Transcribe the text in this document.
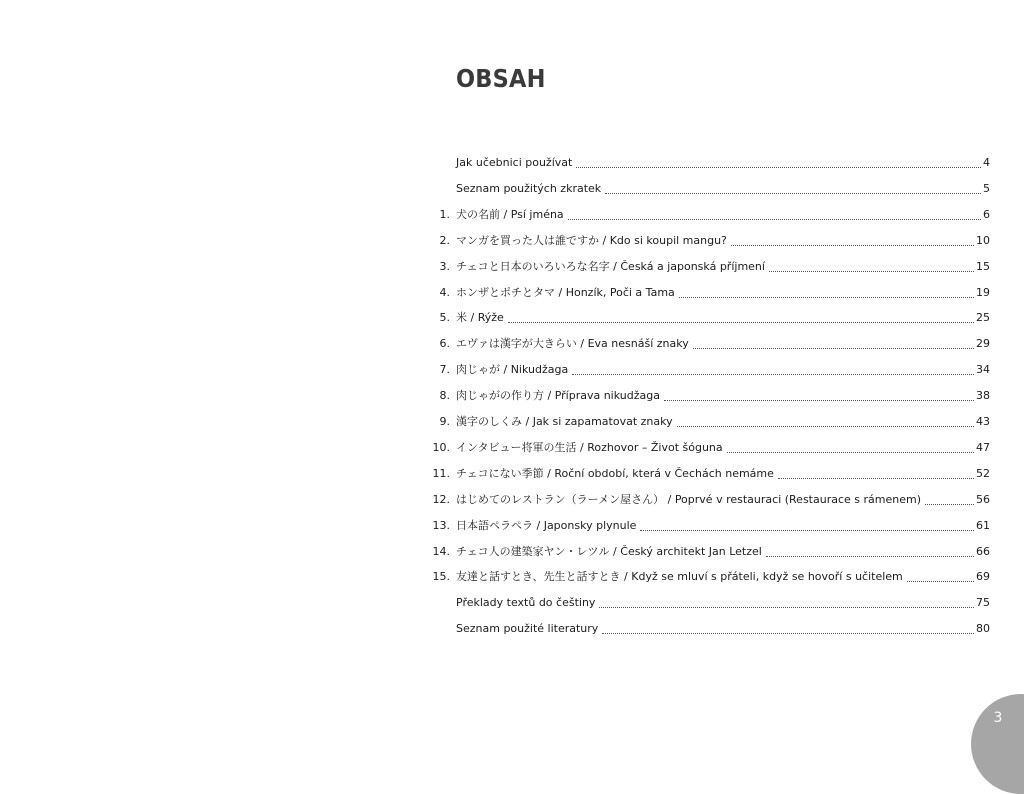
OBSAH
Jak učebnici používat	4
Seznam použitých zkratek	5
1. 犬の名前 / Psí jména	6
2. マンガを買った人は誰ですか / Kdo si koupil mangu?	10
3. チェコと日本のいろいろな名字 / Česká a japonská příjmení	15
4. ホンザとポチとタマ / Honzík, Poči a Tama	19
5. 米 / Rýže	25
6. エヴァは漢字が大きらい / Eva nesnáší znaky	29
7. 肉じゃが / Nikudžaga	34
8. 肉じゃがの作り方 / Příprava nikudžaga	38
9. 漢字のしくみ / Jak si zapamatovat znaky	43
10. インタビュー将軍の生活 / Rozhovor – Život šóguna	47
11. チェコにない季節 / Roční období, která v Čechách nemáme	52
12. はじめてのレストラン（ラーメン屋さん） / Poprvé v restauraci (Restaurace s rámenem)	56
13. 日本語ペラペラ / Japonsky plynule	61
14. チェコ人の建築家ヤン・レツル / Český architekt Jan Letzel	66
15. 友達と話すとき、先生と話すとき / Když se mluví s přáteli, když se hovoří s učitelem	69
Překlady textů do češtiny	75
Seznam použité literatury	80
3
